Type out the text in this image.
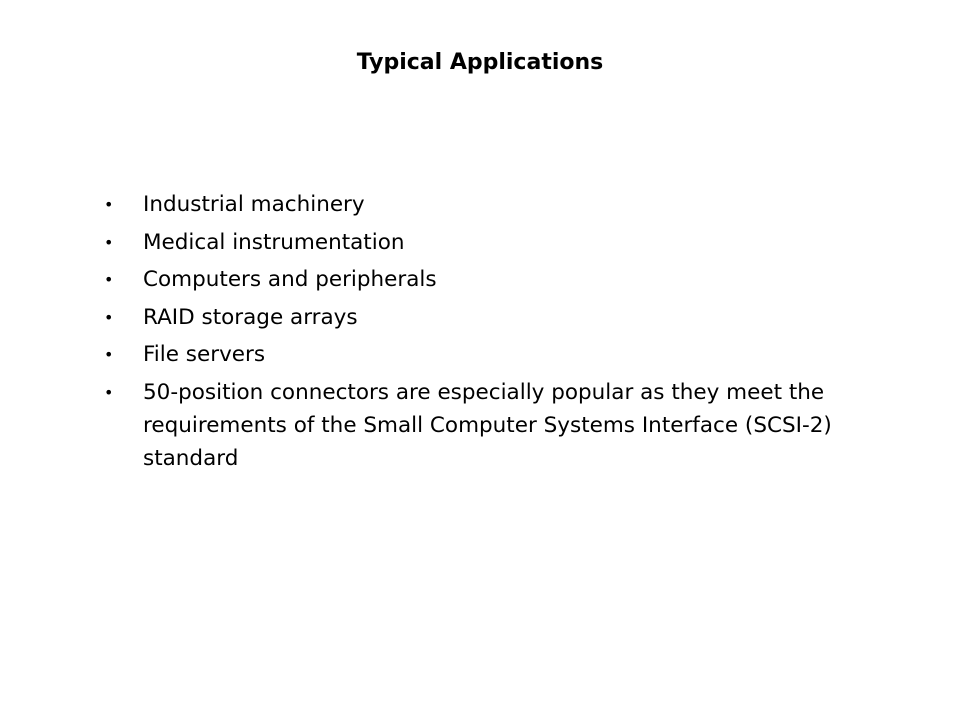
Typical Applications
• Industrial machinery
• Medical instrumentation
• Computers and peripherals
• RAID storage arrays
• File servers
• 50-position connectors are especially popular as they meet the requirements of the Small Computer Systems Interface (SCSI-2) standard
